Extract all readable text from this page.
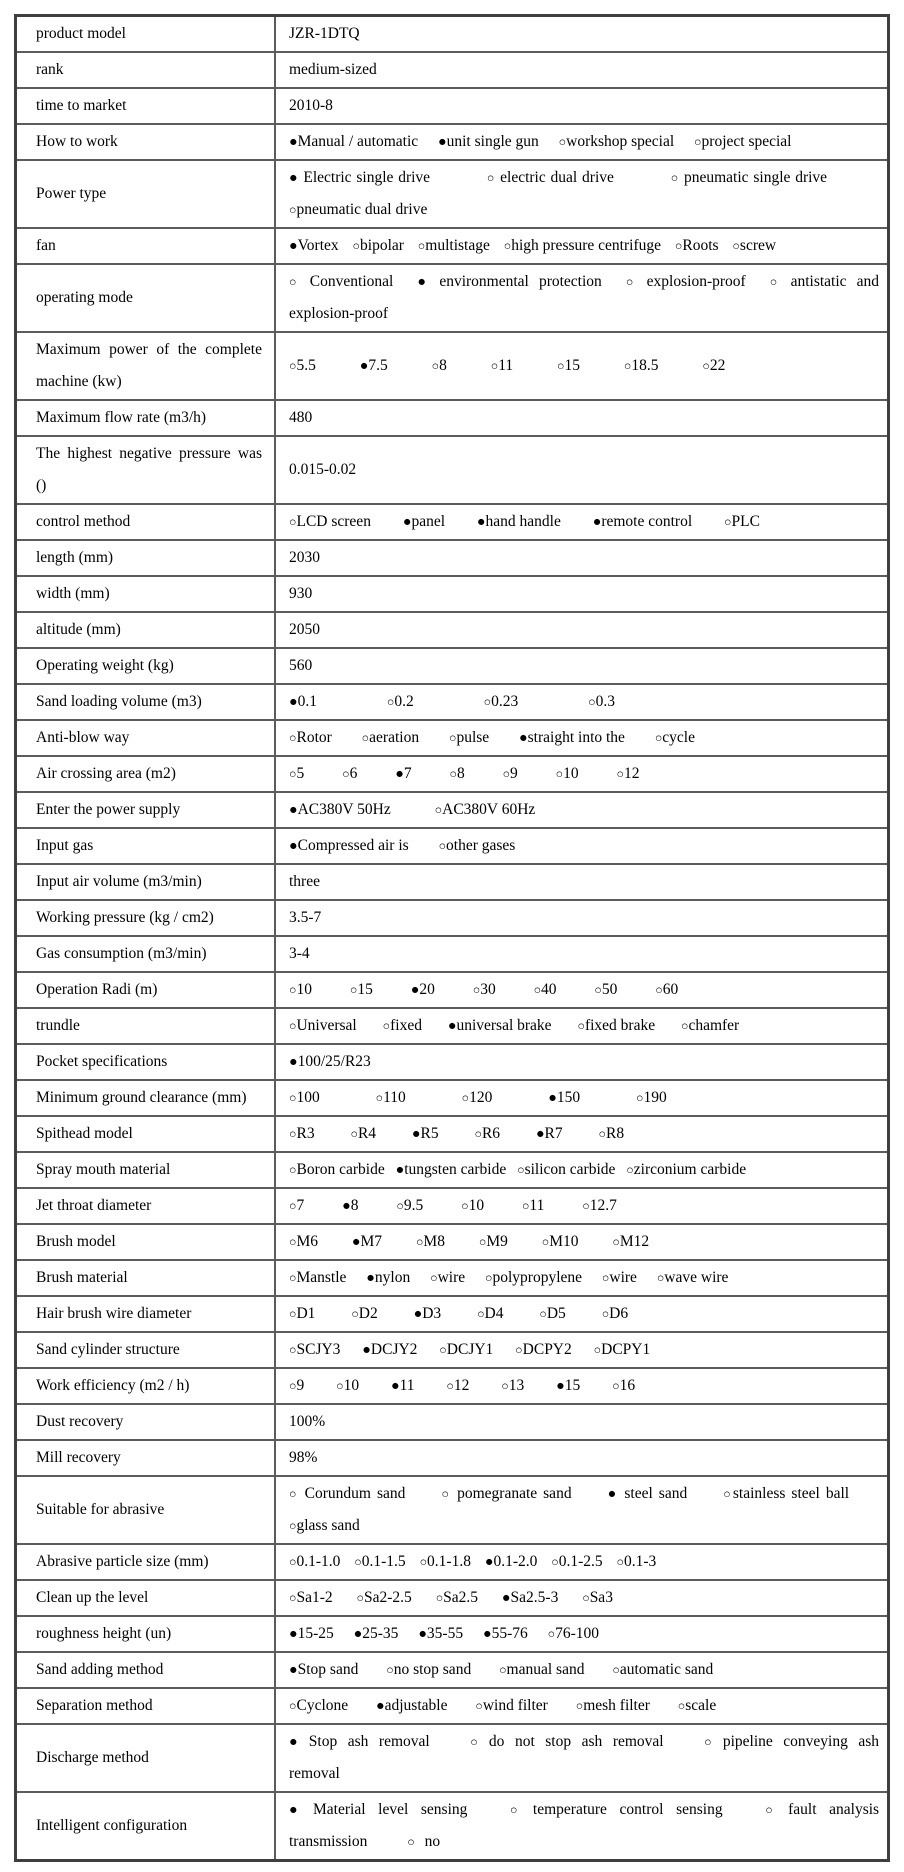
product model	JZR-1DTQ
rank	medium-sized
time to market	2010-8
How to work	●Manual / automatic ●unit single gun ○workshop special ○project special
Power type	● Electric single drive ○ electric dual drive ○ pneumatic single drive ○pneumatic dual drive
fan	●Vortex ○bipolar ○multistage ○high pressure centrifuge ○Roots ○screw
operating mode	○ Conventional ● environmental protection ○ explosion-proof ○ antistatic and explosion-proof
Maximum power of the complete machine (kw)	○5.5 ●7.5 ○8 ○11 ○15 ○18.5 ○22
Maximum flow rate (m3/h)	480
The highest negative pressure was ()	0.015-0.02
control method	○LCD screen ●panel ●hand handle ●remote control ○PLC
length (mm)	2030
width (mm)	930
altitude (mm)	2050
Operating weight (kg)	560
Sand loading volume (m3)	●0.1 ○0.2 ○0.23 ○0.3
Anti-blow way	○Rotor ○aeration ○pulse ●straight into the ○cycle
Air crossing area (m2)	○5 ○6 ●7 ○8 ○9 ○10 ○12
Enter the power supply	●AC380V 50Hz ○AC380V 60Hz
Input gas	●Compressed air is ○other gases
Input air volume (m3/min)	three
Working pressure (kg / cm2)	3.5-7
Gas consumption (m3/min)	3-4
Operation Radi (m)	○10 ○15 ●20 ○30 ○40 ○50 ○60
trundle	○Universal ○fixed ●universal brake ○fixed brake ○chamfer
Pocket specifications	●100/25/R23
Minimum ground clearance (mm)	○100 ○110 ○120 ●150 ○190
Spithead model	○R3 ○R4 ●R5 ○R6 ●R7 ○R8
Spray mouth material	○Boron carbide ●tungsten carbide ○silicon carbide ○zirconium carbide
Jet throat diameter	○7 ●8 ○9.5 ○10 ○11 ○12.7
Brush model	○M6 ●M7 ○M8 ○M9 ○M10 ○M12
Brush material	○Manstle ●nylon ○wire ○polypropylene ○wire ○wave wire
Hair brush wire diameter	○D1 ○D2 ●D3 ○D4 ○D5 ○D6
Sand cylinder structure	○SCJY3 ●DCJY2 ○DCJY1 ○DCPY2 ○DCPY1
Work efficiency (m2 / h)	○9 ○10 ●11 ○12 ○13 ●15 ○16
Dust recovery	100%
Mill recovery	98%
Suitable for abrasive	○ Corundum sand ○ pomegranate sand ● steel sand ○stainless steel ball ○glass sand
Abrasive particle size (mm)	○0.1-1.0 ○0.1-1.5 ○0.1-1.8 ●0.1-2.0 ○0.1-2.5 ○0.1-3
Clean up the level	○Sa1-2 ○Sa2-2.5 ○Sa2.5 ●Sa2.5-3 ○Sa3
roughness height (un)	●15-25 ●25-35 ●35-55 ●55-76 ○76-100
Sand adding method	●Stop sand ○no stop sand ○manual sand ○automatic sand
Separation method	○Cyclone ●adjustable ○wind filter ○mesh filter ○scale
Discharge method	● Stop ash removal ○ do not stop ash removal ○ pipeline conveying ash removal
Intelligent configuration	● Material level sensing ○ temperature control sensing ○ fault analysis transmission ○ no
